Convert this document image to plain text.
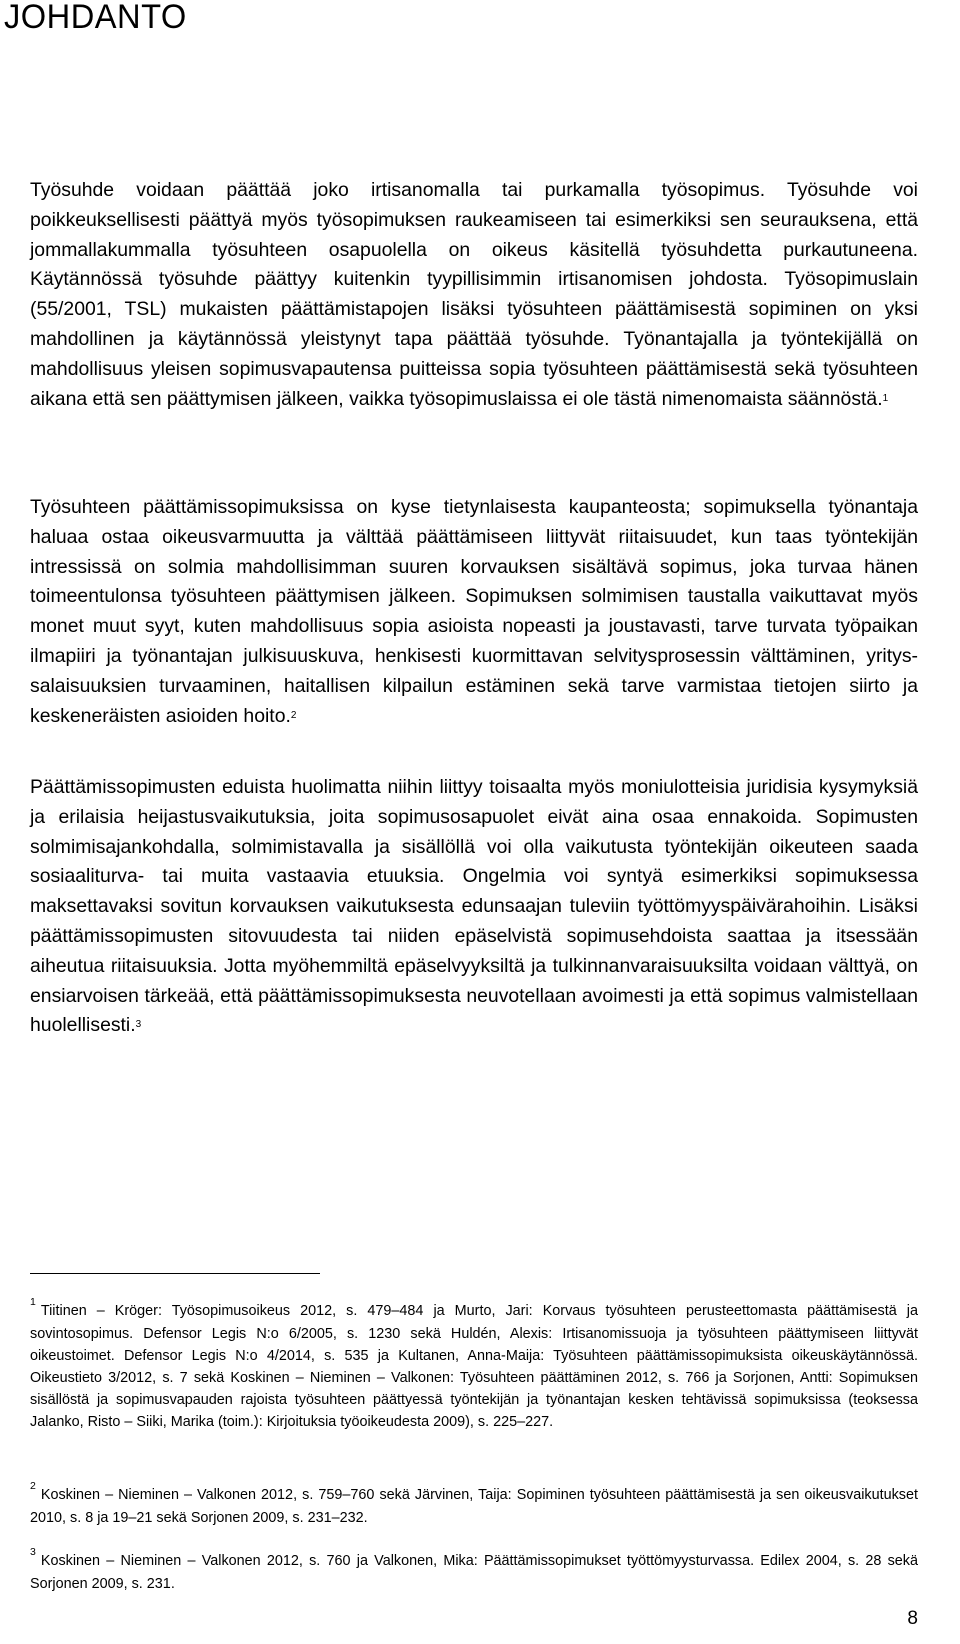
JOHDANTO

Työsuhde voidaan päättää joko irtisanomalla tai purkamalla työsopimus. Työsuhde voi poikkeuksellisesti päättyä myös työsopimuksen raukeamiseen tai esimerkiksi sen seurauksena, että jommallakummalla työsuhteen osapuolella on oikeus käsitellä työsuhdetta purkautuneena. Käytännössä työsuhde päättyy kuitenkin tyypillisimmin irtisanomisen johdosta. Työsopimuslain (55/2001, TSL) mukaisten päättämistapojen lisäksi työsuhteen päättämisestä sopiminen on yksi mahdollinen ja käytännössä yleistynyt tapa päättää työsuhde. Työnantajalla ja työntekijällä on mahdollisuus yleisen sopimusvapautensa puitteissa sopia työsuhteen päättämisestä sekä työsuhteen aikana että sen päättymisen jälkeen, vaikka työsopimuslaissa ei ole tästä nimenomaista säännöstä.$^1$

Työsuhteen päättämissopimuksissa on kyse tietynlaisesta kaupanteosta; sopimuksella työnantaja haluaa ostaa oikeusvarmuutta ja välttää päättämiseen liittyvät riitaisuudet, kun taas työntekijän intressissä on solmia mahdollisimman suuren korvauksen sisältävä sopimus, joka turvaa hänen toimeentulonsa työsuhteen päättymisen jälkeen. Sopimuksen solmimisen taustalla vaikuttavat myös monet muut syyt, kuten mahdollisuus sopia asioista nopeasti ja joustavasti, tarve turvata työpaikan ilmapiiri ja työnantajan julkisuuskuva, henkisesti kuormittavan selvitysprosessin välttäminen, yrityssalaisuuksien turvaaminen, haitallisen kilpailun estäminen sekä tarve varmistaa tietojen siirto ja keskeneräisten asioiden hoito.$^2$

Päättämissopimusten eduista huolimatta niihin liittyy toisaalta myös moniulotteisia juridisia kysymyksiä ja erilaisia heijastusvaikutuksia, joita sopimusosapuolet eivät aina osaa ennakoida. Sopimusten solmimisajankohdalla, solmimistavalla ja sisällöllä voi olla vaikutusta työntekijän oikeuteen saada sosiaaliturva- tai muita vastaavia etuuksia. Ongelmia voi syntyä esimerkiksi sopimuksessa maksettavaksi sovitun korvauksen vaikutuksesta edunsaajan tuleviin työttömyyspäivärahoihin. Lisäksi päättämissopimusten sitovuudesta tai niiden epäselvistä sopimusehdoista saattaa ja itsessään aiheutua riitaisuuksia. Jotta myöhemmiltä epäselvyyksiltä ja tulkinnanvaraisuuksilta voidaan välttyä, on ensiarvoisen tärkeää, että päättämissopimuksesta neuvotellaan avoimesti ja että sopimus valmistellaan huolellisesti.$^3$

$^1$Tiitinen – Kröger: Työsopimusoikeus 2012, s. 479–484 ja Murto, Jari: Korvaus työsuhteen perusteettomasta päättämisestä ja sovintosopimus. Defensor Legis N:o 6/2005, s. 1230 sekä Huldén, Alexis: Irtisanomissuoja ja työsuhteen päättymiseen liittyvät oikeustoimet. Defensor Legis N:o 4/2014, s. 535 ja Kultanen, Anna-Maija: Työsuhteen päättämissopimuksista oikeuskäytännössä. Oikeustieto 3/2012, s. 7 sekä Koskinen – Nieminen – Valkonen: Työsuhteen päättäminen 2012, s. 766 ja Sorjonen, Antti: Sopimuksen sisällöstä ja sopimusvapauden rajoista työsuhteen päättyessä työntekijän ja työnantajan kesken tehtävissä sopimuksissa (teoksessa Jalanko, Risto – Siiki, Marika (toim.): Kirjoituksia työoikeudesta 2009), s. 225–227.

$^2$Koskinen – Nieminen – Valkonen 2012, s. 759–760 sekä Järvinen, Taija: Sopiminen työsuhteen päättämisestä ja sen oikeusvaikutukset 2010, s. 8 ja 19–21 sekä Sorjonen 2009, s. 231–232.

$^3$Koskinen – Nieminen – Valkonen 2012, s. 760 ja Valkonen, Mika: Päättämissopimukset työttömyysturvassa. Edilex 2004, s. 28 sekä Sorjonen 2009, s. 231.

8
